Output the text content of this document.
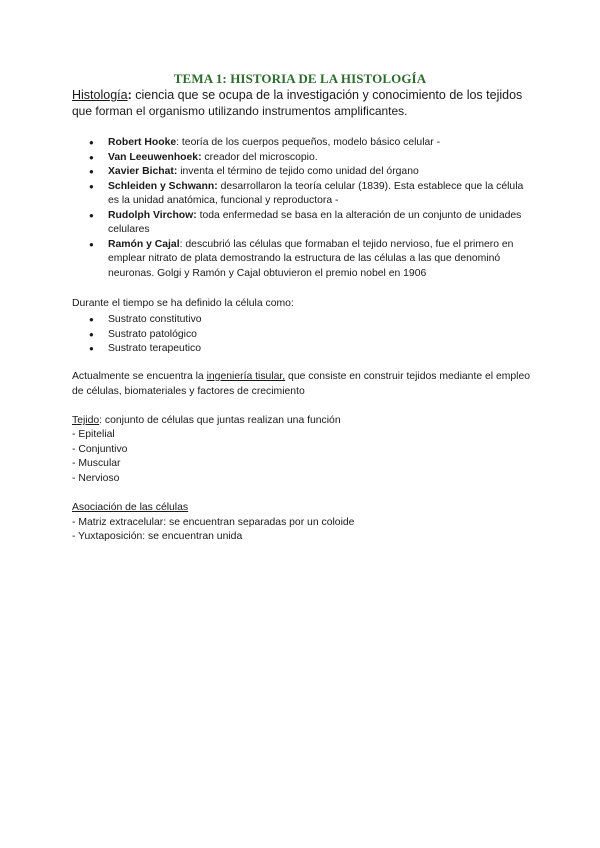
TEMA 1: HISTORIA DE LA HISTOLOGÍA
Histología: ciencia que se ocupa de la investigación y conocimiento de los tejidos
que forman el organismo utilizando instrumentos amplificantes.
● Robert Hooke: teoría de los cuerpos pequeños, modelo básico celular -
● Van Leeuwenhoek: creador del microscopio.
● Xavier Bichat: inventa el término de tejido como unidad del órgano
● Schleiden y Schwann: desarrollaron la teoría celular (1839). Esta establece que la célula es la unidad anatómica, funcional y reproductora -
● Rudolph Virchow: toda enfermedad se basa en la alteración de un conjunto de unidades celulares
● Ramón y Cajal: descubrió las células que formaban el tejido nervioso, fue el primero en emplear nitrato de plata demostrando la estructura de las células a las que denominó neuronas. Golgi y Ramón y Cajal obtuvieron el premio nobel en 1906

Durante el tiempo se ha definido la célula como:

● Sustrato constitutivo
● Sustrato patológico
● Sustrato terapeutico

Actualmente se encuentra la ingeniería tisular, que consiste en construir tejidos mediante el empleo de células, biomateriales y factores de crecimiento

Tejido: conjunto de células que juntas realizan una función

- Epitelial

- Conjuntivo

- Muscular

- Nervioso

Asociación de las células

- Matriz extracelular: se encuentran separadas por un coloide

- Yuxtaposición: se encuentran unida
